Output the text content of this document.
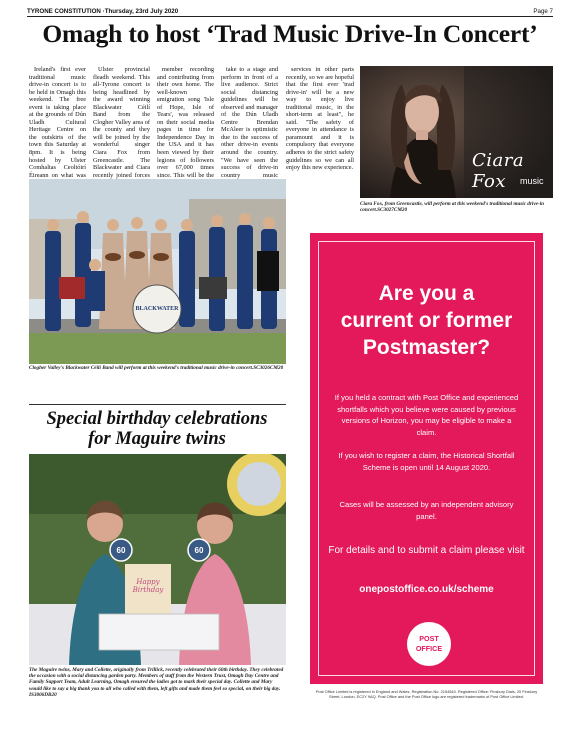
TYRONE CONSTITUTION ·Thursday, 23rd July 2020	Page 7
Omagh to host ‘Trad Music Drive-In Concert’

Ireland's first ever traditional music drive-in concert is to be held in Omagh this weekend. The free event is taking place at the grounds of Dún Uladh Cultural Heritage Centre on the outskirts of the town this Saturday at 8pm. It is being hosted by Ulster Comhaltas Ceoltóirí Éireann on what was

Ulster provincial fleadh weekend. This all-Tyrone concert is being headlined by the award winning Blackwater Céilí Band from the Clogher Valley area of the county and they will be joined by the wonderful singer Ciara Fox from Greencastle. The Blackwater and Ciara recently joined forces

member recording and contributing from their own home. The well-known emigration song 'Isle of Hope, Isle of Tears', was released on their social media pages in time for Independence Day in the USA and it has been viewed by their legions of followers over 67,000 times since. This will be the

take to a stage and perform in front of a live audience. Strict social distancing guidelines will be observed and manager of the Dún Uladh Centre Brendan McAleer is optimistic due to the success of other drive-in events around the country. "We have seen the success of drive-in country music

services in other parts recently, so we are hopeful that the first ever 'trad drive-in' will be a new way to enjoy live traditional music, in the short-term at least", he said. "The safety of everyone in attendance is paramount and it is compulsory that everyone adheres to the strict safety guidelines so we can all enjoy this new experience.	Ciara Fox	music
Ciara Fox, from Greencastle, will perform at this weekend's traditional music drive-in concert.SC3027CM20
BLACKWATER
Clogher Valley's Blackwater Céilí Band will perform at this weekend's traditional music drive-in concert.SC3026CM20
Special birthday celebrations
for Maguire twins
60	60
Happy Birthday
The Maguire twins, Mary and Collette, originally from Trillick, recently celebrated their 60th birthday. They celebrated the occasion with a social distancing garden party. Members of staff from the Western Trust, Omagh Day Centre and Family Support Team, Adult Learning, Omagh ensured the ladies got to mark their special day. Collette and Mary would like to say a big thank you to all who called with them, left gifts and made them feel so special, on their big day. IS3006DB20
Are you a
current or former
Postmaster?
If you held a contract with Post Office and experienced shortfalls which you believe were caused by previous versions of Horizon, you may be eligible to make a claim.
If you wish to register a claim, the Historical Shortfall Scheme is open until 14 August 2020.
Cases will be assessed by an independent advisory panel.
For details and to submit a claim please visit
onepostoffice.co.uk/scheme
POST
OFFICE
Post Office Limited is registered in England and Wales. Registration No. 2154540. Registered Office: Finsbury Dials, 20 Finsbury Street, London, EC2Y 9AQ. Post Office and the Post Office logo are registered trademarks of Post Office Limited.
